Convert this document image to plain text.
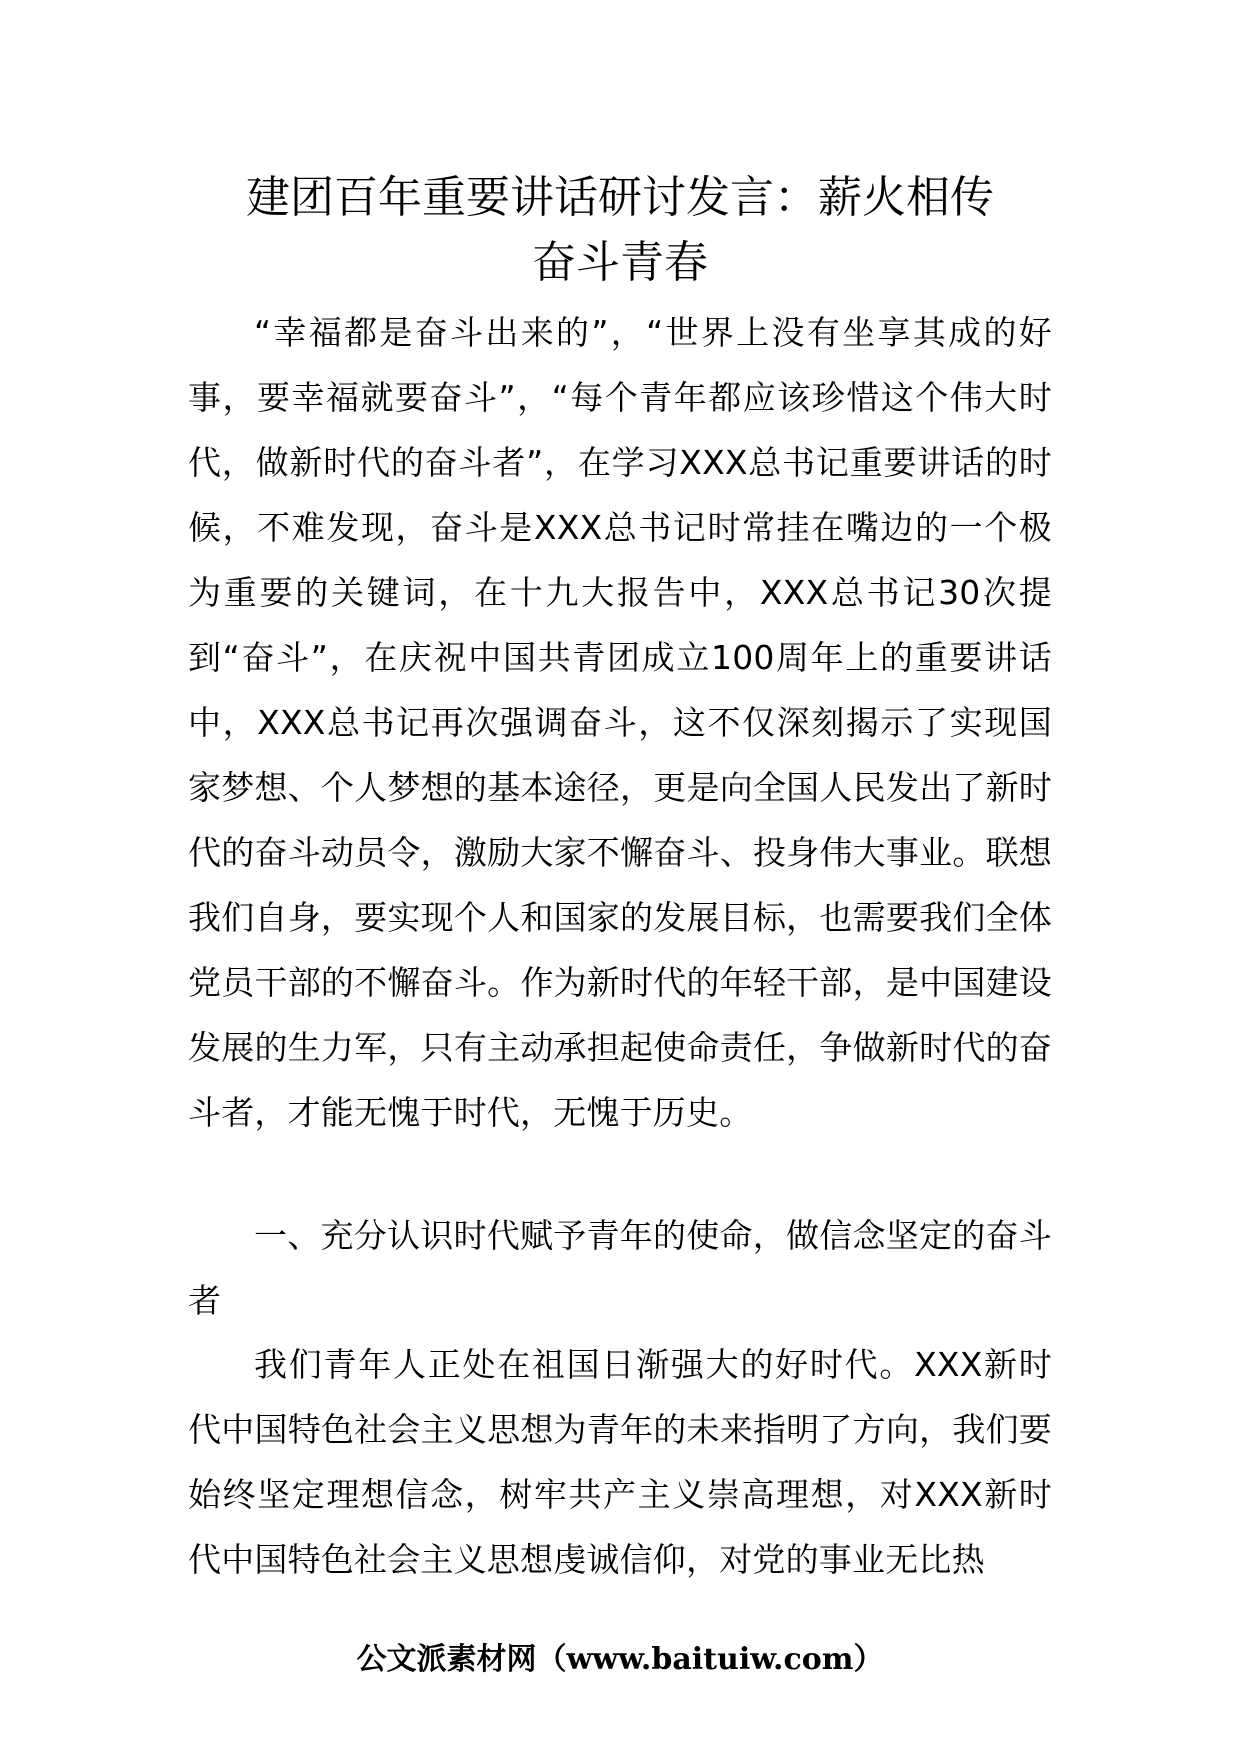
建团百年重要讲话研讨发言：薪火相传
奋斗青春

“幸福都是奋斗出来的”，“世界上没有坐享其成的好事，要幸福就要奋斗”，“每个青年都应该珍惜这个伟大时代，做新时代的奋斗者”，在学习XXX总书记重要讲话的时候，不难发现，奋斗是XXX总书记时常挂在嘴边的一个极为重要的关键词，在十九大报告中，XXX总书记30次提到“奋斗”，在庆祝中国共青团成立100周年上的重要讲话中，XXX总书记再次强调奋斗，这不仅深刻揭示了实现国家梦想、个人梦想的基本途径，更是向全国人民发出了新时代的奋斗动员令，激励大家不懈奋斗、投身伟大事业。联想我们自身，要实现个人和国家的发展目标，也需要我们全体党员干部的不懈奋斗。作为新时代的年轻干部，是中国建设发展的生力军，只有主动承担起使命责任，争做新时代的奋斗者，才能无愧于时代，无愧于历史。

一、充分认识时代赋予青年的使命，做信念坚定的奋斗者

我们青年人正处在祖国日渐强大的好时代。XXX新时代中国特色社会主义思想为青年的未来指明了方向，我们要始终坚定理想信念，树牢共产主义崇高理想，对XXX新时代中国特色社会主义思想虔诚信仰，对党的事业无比热

公文派素材网（www.baituiw.com）
